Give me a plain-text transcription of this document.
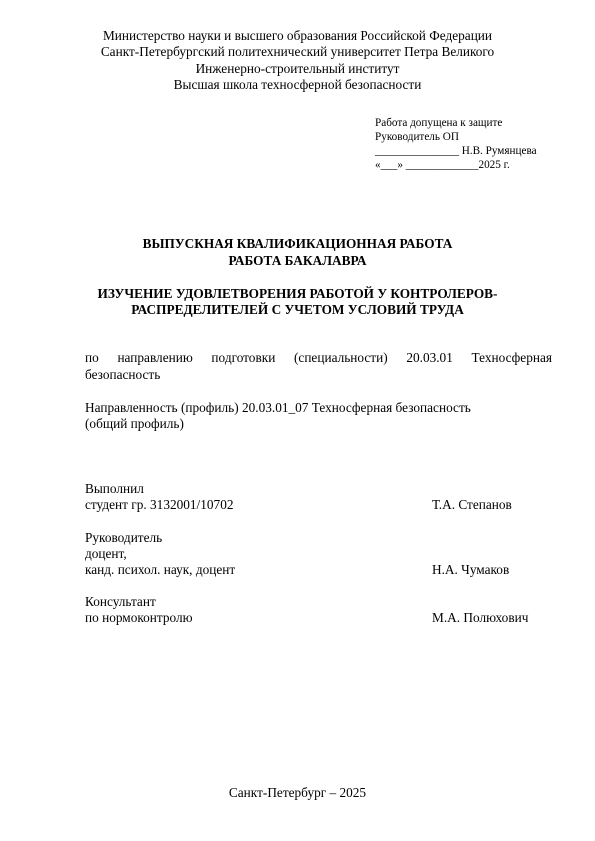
Министерство науки и высшего образования Российской Федерации
Санкт-Петербургский политехнический университет Петра Великого
Инженерно-строительный институт
Высшая школа техносферной безопасности
Работа допущена к защите
Руководитель ОП
_______________ Н.В. Румянцева
«___» _____________2025 г.
ВЫПУСКНАЯ КВАЛИФИКАЦИОННАЯ РАБОТА
РАБОТА БАКАЛАВРА
ИЗУЧЕНИЕ УДОВЛЕТВОРЕНИЯ РАБОТОЙ У КОНТРОЛЕРОВ-
РАСПРЕДЕЛИТЕЛЕЙ С УЧЕТОМ УСЛОВИЙ ТРУДА
по направлению подготовки (специальности) 20.03.01 Техносферная
безопасность
Направленность (профиль) 20.03.01_07 Техносферная безопасность
(общий профиль)
Выполнил
студент гр. 3132001/10702	Т.А. Степанов
Руководитель
доцент,
канд. психол. наук, доцент	Н.А. Чумаков
Консультант
по нормоконтролю	М.А. Полюхович
Санкт-Петербург – 2025
